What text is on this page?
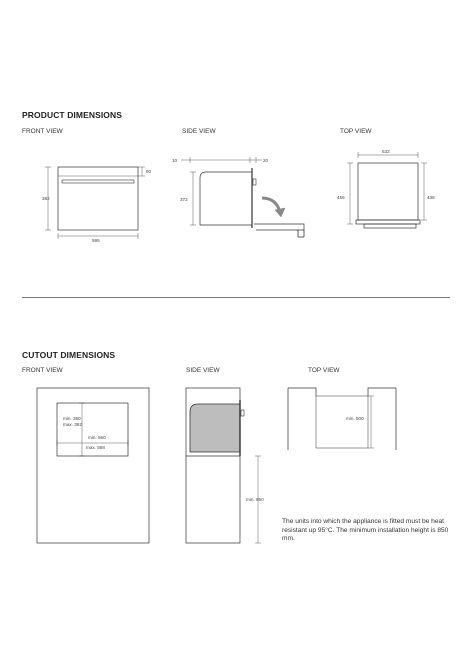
PRODUCT DIMENSIONS
FRONT VIEW	SIDE VIEW	TOP VIEW
CUTOUT DIMENSIONS
FRONT VIEW	SIDE VIEW	TOP VIEW
The units into which the appliance is fitted must be heat resistant up 95°C. The minimum installation height is 850 mm.
382
80
595
10	20
372
532
456	436
min. 380
max. 382
min. 560
max. 568
min. 850
min. 500
